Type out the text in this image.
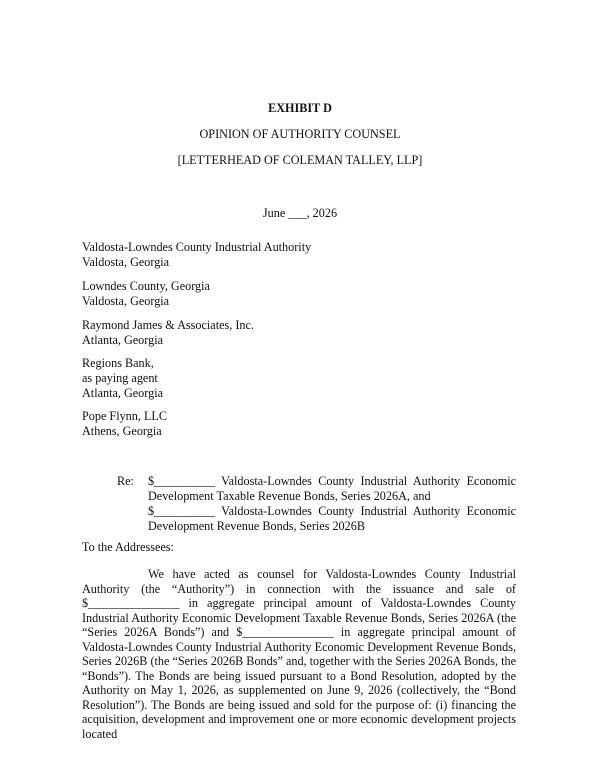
EXHIBIT D
OPINION OF AUTHORITY COUNSEL
[LETTERHEAD OF COLEMAN TALLEY, LLP]
June ___, 2026
Valdosta-Lowndes County Industrial Authority
Valdosta, Georgia
Lowndes County, Georgia
Valdosta, Georgia
Raymond James & Associates, Inc.
Atlanta, Georgia
Regions Bank,
as paying agent
Atlanta, Georgia
Pope Flynn, LLC
Athens, Georgia
Re: $__________ Valdosta-Lowndes County Industrial Authority Economic
Development Taxable Revenue Bonds, Series 2026A, and
$__________ Valdosta-Lowndes County Industrial Authority Economic
Development Revenue Bonds, Series 2026B
To the Addressees:
We have acted as counsel for Valdosta-Lowndes County Industrial Authority (the “Authority”) in connection with the issuance and sale of $_______________ in aggregate principal amount of Valdosta-Lowndes County Industrial Authority Economic Development Taxable Revenue Bonds, Series 2026A (the “Series 2026A Bonds”) and $_______________ in aggregate principal amount of Valdosta-Lowndes County Industrial Authority Economic Development Revenue Bonds, Series 2026B (the “Series 2026B Bonds” and, together with the Series 2026A Bonds, the “Bonds”). The Bonds are being issued pursuant to a Bond Resolution, adopted by the Authority on May 1, 2026, as supplemented on June 9, 2026 (collectively, the “Bond Resolution”). The Bonds are being issued and sold for the purpose of: (i) financing the acquisition, development and improvement one or more economic development projects located
